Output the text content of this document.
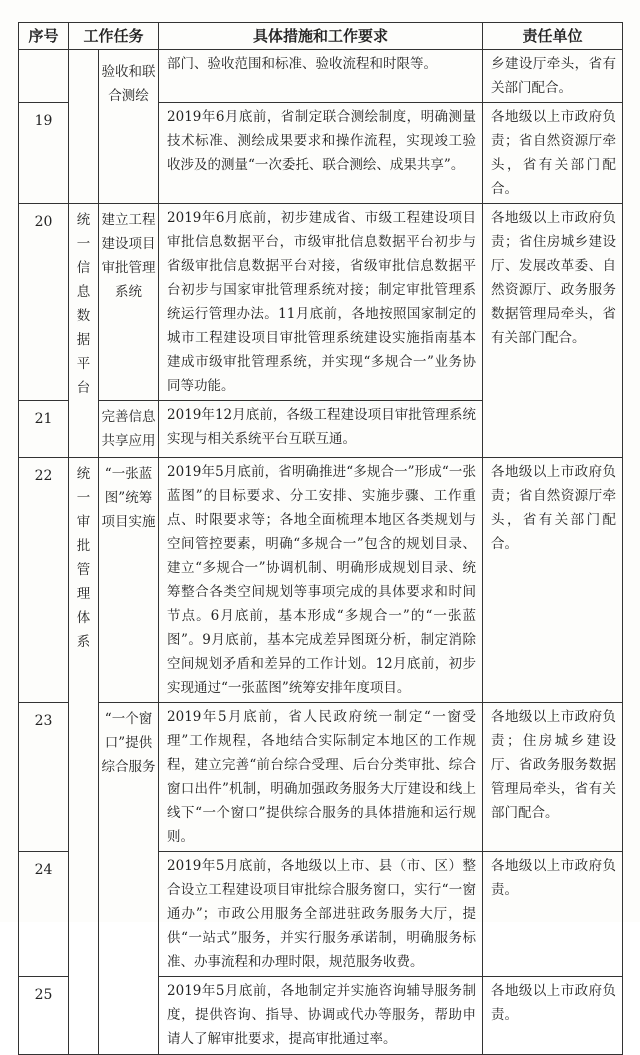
序号	工作任务		具体措施和工作要求	责任单位

		验收和联合测绘	部门、验收范围和标准、验收流程和时限等。	乡建设厅牵头，省有关部门配合。
19			2019年6月底前，省制定联合测绘制度，明确测量技术标准、测绘成果要求和操作流程，实现竣工验收涉及的测量“一次委托、联合测绘、成果共享”。	各地级以上市政府负责；省自然资源厅牵头，省有关部门配合。
20	统一信息数据平台	建立工程建设项目审批管理系统	2019年6月底前，初步建成省、市级工程建设项目审批信息数据平台，市级审批信息数据平台初步与省级审批信息数据平台对接，省级审批信息数据平台初步与国家审批管理系统对接；制定审批管理系统运行管理办法。11月底前，各地按照国家制定的城市工程建设项目审批管理系统建设实施指南基本建成市级审批管理系统，并实现“多规合一”业务协同等功能。	各地级以上市政府负责；省住房城乡建设厅、发展改革委、自然资源厅、政务服务数据管理局牵头，省有关部门配合。
21		完善信息共享应用	2019年12月底前，各级工程建设项目审批管理系统实现与相关系统平台互联互通。	
22	统一审批管理体系	“一张蓝图”统筹项目实施	2019年5月底前，省明确推进“多规合一”形成“一张蓝图”的目标要求、分工安排、实施步骤、工作重点、时限要求等；各地全面梳理本地区各类规划与空间管控要素，明确“多规合一”包含的规划目录、建立“多规合一”协调机制、明确形成规划目录、统筹整合各类空间规划等事项完成的具体要求和时间节点。6月底前，基本形成“多规合一”的“一张蓝图”。9月底前，基本完成差异图斑分析，制定消除空间规划矛盾和差异的工作计划。12月底前，初步实现通过“一张蓝图”统筹安排年度项目。	各地级以上市政府负责；省自然资源厅牵头，省有关部门配合。
23		“一个窗口”提供综合服务	2019年5月底前，省人民政府统一制定“一窗受理”工作规程，各地结合实际制定本地区的工作规程，建立完善“前台综合受理、后台分类审批、综合窗口出件”机制，明确加强政务服务大厅建设和线上线下“一个窗口”提供综合服务的具体措施和运行规则。	各地级以上市政府负责；住房城乡建设厅、省政务服务数据管理局牵头，省有关部门配合。
24			2019年5月底前，各地级以上市、县（市、区）整合设立工程建设项目审批综合服务窗口，实行“一窗通办”；市政公用服务全部进驻政务服务大厅，提供“一站式”服务，并实行服务承诺制，明确服务标准、办事流程和办理时限，规范服务收费。	各地级以上市政府负责。
25			2019年5月底前，各地制定并实施咨询辅导服务制度，提供咨询、指导、协调或代办等服务，帮助申请人了解审批要求，提高审批通过率。	各地级以上市政府负责。
